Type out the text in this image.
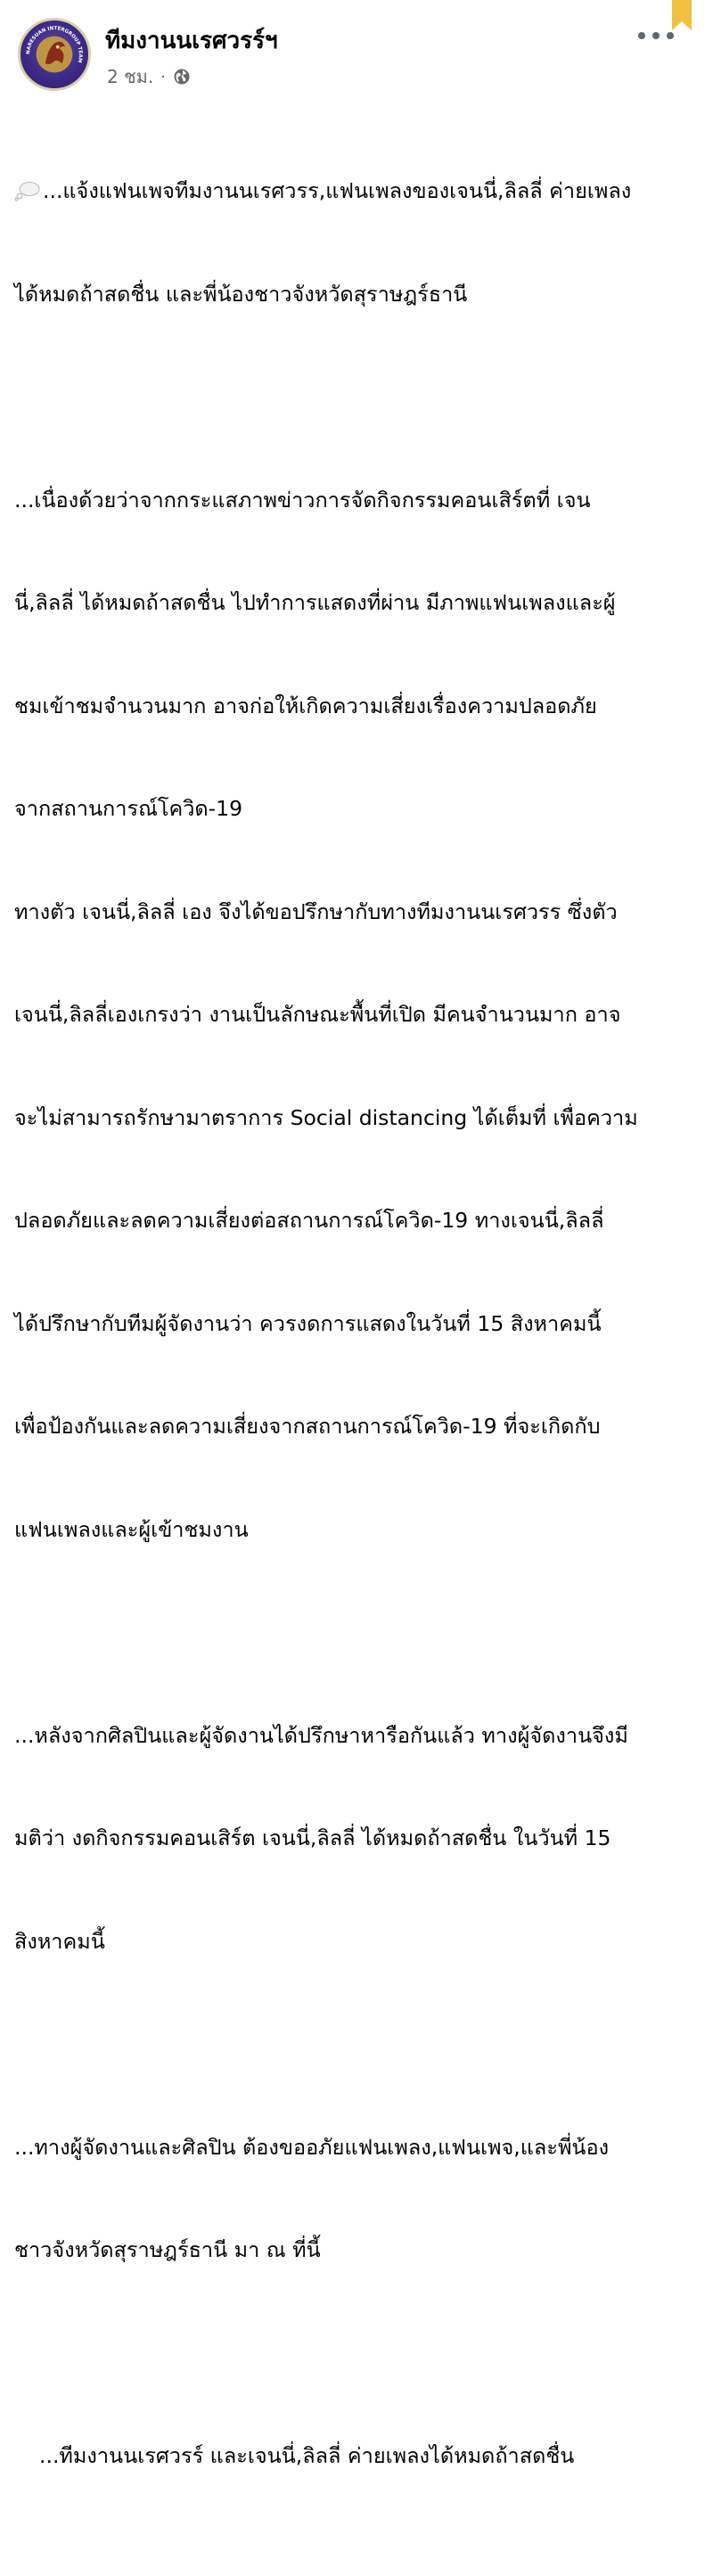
NARESUAN INTERGROUP TEAM
ทีมงานนเรศวรร์ฯ
2 ชม. ·

...แจ้งแฟนเพจทีมงานนเรศวรร,แฟนเพลงของเจนนี่,ลิลลี่ ค่ายเพลง

ได้หมดถ้าสดชื่น และพี่น้องชาวจังหวัดสุราษฎร์ธานี

...เนื่องด้วยว่าจากกระแสภาพข่าวการจัดกิจกรรมคอนเสิร์ตที่ เจน

นี่,ลิลลี่ ได้หมดถ้าสดชื่น ไปทำการแสดงที่ผ่าน มีภาพแฟนเพลงและผู้

ชมเข้าชมจำนวนมาก อาจก่อให้เกิดความเสี่ยงเรื่องความปลอดภัย

จากสถานการณ์โควิด-19

ทางตัว เจนนี่,ลิลลี่ เอง จึงได้ขอปรึกษากับทางทีมงานนเรศวรร ซึ่งตัว

เจนนี่,ลิลลี่เองเกรงว่า งานเป็นลักษณะพื้นที่เปิด มีคนจำนวนมาก อาจ

จะไม่สามารถรักษามาตราการ Social distancing ได้เต็มที่ เพื่อความ

ปลอดภัยและลดความเสี่ยงต่อสถานการณ์โควิด-19 ทางเจนนี่,ลิลลี่

ได้ปรึกษากับทีมผู้จัดงานว่า ควรงดการแสดงในวันที่ 15 สิงหาคมนี้

เพื่อป้องกันและลดความเสี่ยงจากสถานการณ์โควิด-19 ที่จะเกิดกับ

แฟนเพลงและผู้เข้าชมงาน

...หลังจากศิลปินและผู้จัดงานได้ปรึกษาหารือกันแล้ว ทางผู้จัดงานจึงมี

มติว่า งดกิจกรรมคอนเสิร์ต เจนนี่,ลิลลี่ ได้หมดถ้าสดชื่น ในวันที่ 15

สิงหาคมนี้

...ทางผู้จัดงานและศิลปิน ต้องขออภัยแฟนเพลง,แฟนเพจ,และพี่น้อง

ชาวจังหวัดสุราษฎร์ธานี มา ณ ที่นี้

...ทีมงานนเรศวรร์ และเจนนี่,ลิลลี่ ค่ายเพลงได้หมดถ้าสดชื่น
